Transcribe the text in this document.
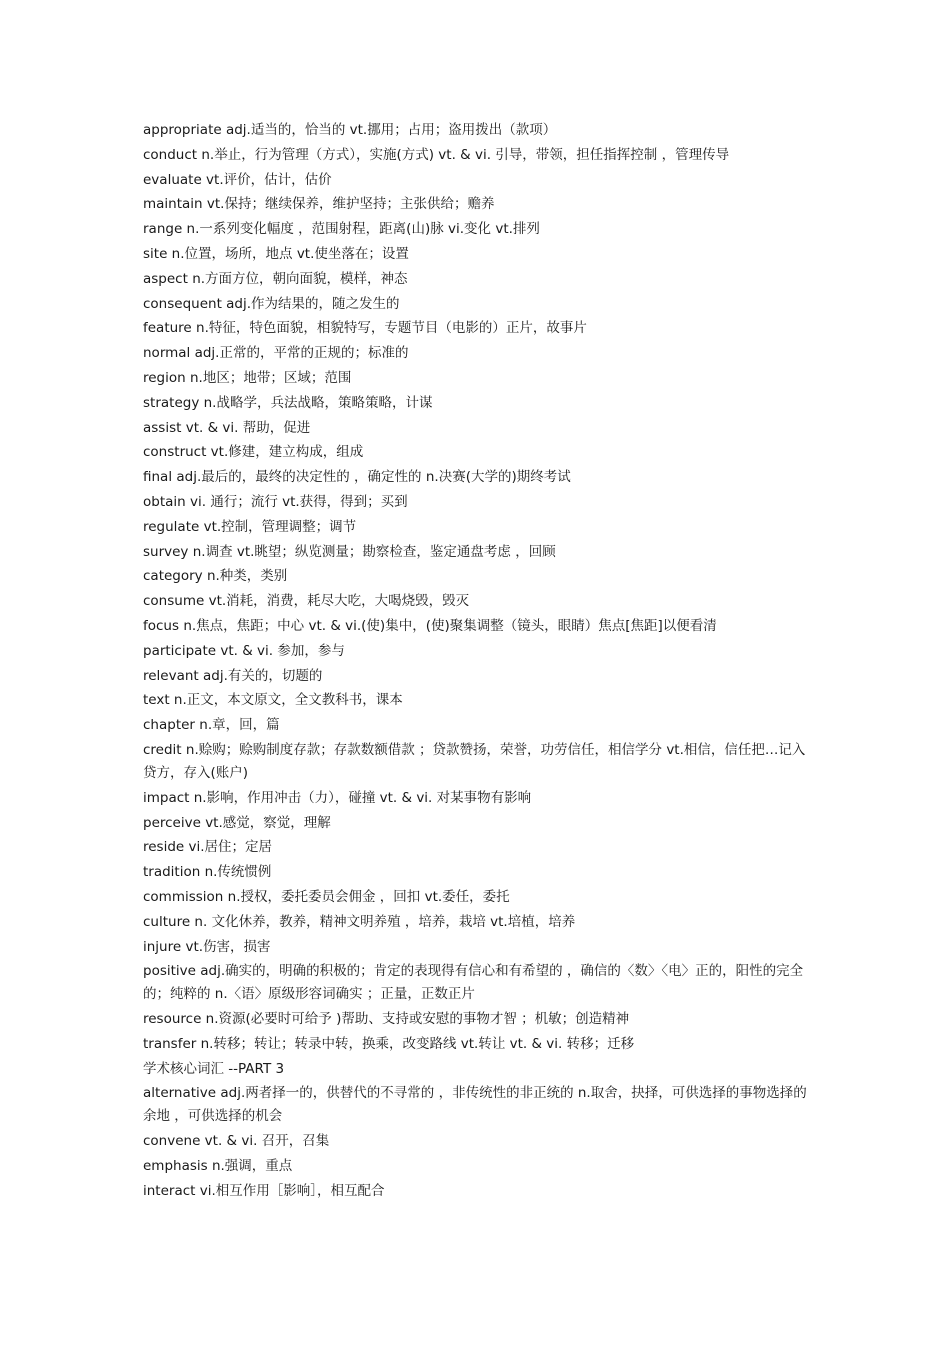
appropriate adj.适当的，恰当的 vt.挪用；占用；盗用拨出（款项）
conduct n.举止，行为管理（方式），实施(方式) vt. & vi. 引导，带领，担任指挥控制 ，管理传导
evaluate vt.评价，估计，估价
maintain vt.保持；继续保养，维护坚持；主张供给；赡养
range n.一系列变化幅度 ，范围射程，距离(山)脉 vi.变化 vt.排列
site n.位置，场所，地点 vt.使坐落在；设置
aspect n.方面方位，朝向面貌，模样，神态
consequent adj.作为结果的，随之发生的
feature n.特征，特色面貌，相貌特写，专题节目（电影的）正片，故事片
normal adj.正常的，平常的正规的；标准的
region n.地区；地带；区域；范围
strategy n.战略学，兵法战略，策略策略，计谋
assist vt. & vi. 帮助，促进
construct vt.修建，建立构成，组成
final adj.最后的，最终的决定性的 ，确定性的 n.决赛(大学的)期终考试
obtain vi. 通行；流行 vt.获得，得到；买到
regulate vt.控制，管理调整；调节
survey n.调查 vt.眺望；纵览测量；勘察检查，鉴定通盘考虑 ，回顾
category n.种类，类别
consume vt.消耗，消费，耗尽大吃，大喝烧毁，毁灭
focus n.焦点，焦距；中心 vt. & vi.(使)集中，(使)聚集调整（镜头，眼睛）焦点[焦距]以便看清
participate vt. & vi. 参加，参与
relevant adj.有关的，切题的
text n.正文，本文原文，全文教科书，课本
chapter n.章，回，篇
credit n.赊购；赊购制度存款；存款数额借款 ；贷款赞扬，荣誉，功劳信任，相信学分 vt.相信，信任把…记入贷方，存入(账户)
impact n.影响，作用冲击（力），碰撞 vt. & vi. 对某事物有影响
perceive vt.感觉，察觉，理解
reside vi.居住；定居
tradition n.传统惯例
commission n.授权，委托委员会佣金 ，回扣 vt.委任，委托
culture n. 文化休养，教养，精神文明养殖 ，培养，栽培 vt.培植，培养
injure vt.伤害，损害
positive adj.确实的，明确的积极的；肯定的表现得有信心和有希望的 ，确信的〈数〉〈电〉正的，阳性的完全的；纯粹的 n.〈语〉原级形容词确实 ；正量，正数正片
resource n.资源(必要时可给予 )帮助、支持或安慰的事物才智 ；机敏；创造精神
transfer n.转移；转让；转录中转，换乘，改变路线 vt.转让 vt. & vi. 转移；迁移
学术核心词汇 --PART 3
alternative adj.两者择一的，供替代的不寻常的 ，非传统性的非正统的 n.取舍，抉择，可供选择的事物选择的余地 ，可供选择的机会
convene vt. & vi. 召开，召集
emphasis n.强调，重点
interact vi.相互作用［影响］，相互配合
